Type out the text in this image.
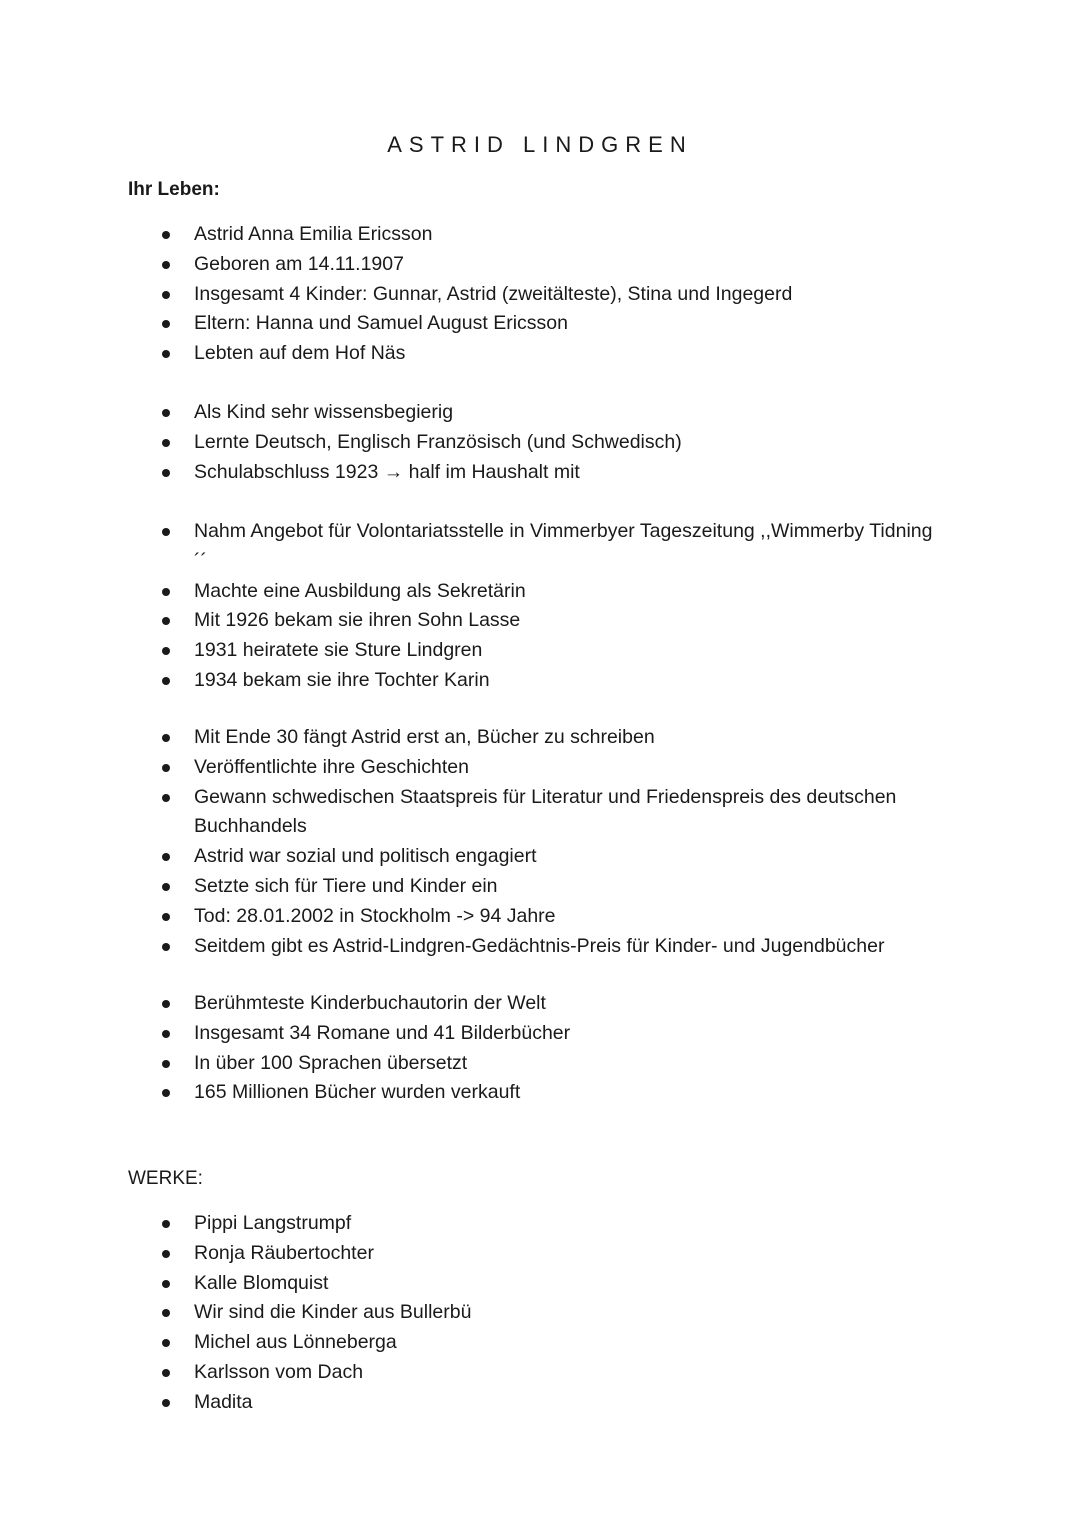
ASTRID LINDGREN
Ihr Leben:
Astrid Anna Emilia Ericsson
Geboren am 14.11.1907
Insgesamt 4 Kinder: Gunnar, Astrid (zweitälteste), Stina und Ingegerd
Eltern: Hanna und Samuel August Ericsson
Lebten auf dem Hof Näs
Als Kind sehr wissensbegierig
Lernte Deutsch, Englisch Französisch (und Schwedisch)
Schulabschluss 1923 → half im Haushalt mit
Nahm Angebot für Volontariatsstelle in Vimmerbyer Tageszeitung ,,Wimmerby Tidning´´
Machte eine Ausbildung als Sekretärin
Mit 1926 bekam sie ihren Sohn Lasse
1931 heiratete sie Sture Lindgren
1934 bekam sie ihre Tochter Karin
Mit Ende 30 fängt Astrid erst an, Bücher zu schreiben
Veröffentlichte ihre Geschichten
Gewann schwedischen Staatspreis für Literatur und Friedenspreis des deutschen Buchhandels
Astrid war sozial und politisch engagiert
Setzte sich für Tiere und Kinder ein
Tod: 28.01.2002 in Stockholm -> 94 Jahre
Seitdem gibt es Astrid-Lindgren-Gedächtnis-Preis für Kinder- und Jugendbücher
Berühmteste Kinderbuchautorin der Welt
Insgesamt 34 Romane und 41 Bilderbücher
In über 100 Sprachen übersetzt
165 Millionen Bücher wurden verkauft
WERKE:
Pippi Langstrumpf
Ronja Räubertochter
Kalle Blomquist
Wir sind die Kinder aus Bullerbü
Michel aus Lönneberga
Karlsson vom Dach
Madita
